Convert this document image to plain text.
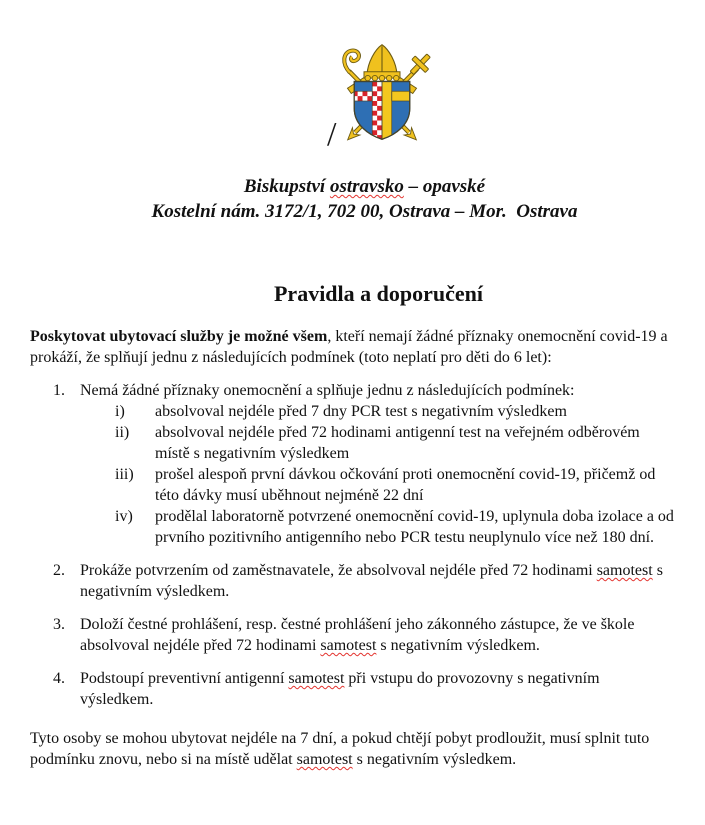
/
Biskupství ostravsko – opavské
Kostelní nám. 3172/1, 702 00, Ostrava – Mor.  Ostrava
Pravidla a doporučení

Poskytovat ubytovací služby je možné všem, kteří nemají žádné příznaky onemocnění covid-19 a prokáží, že splňují jednu z následujících podmínek (toto neplatí pro děti do 6 let):

1. Nemá žádné příznaky onemocnění a splňuje jednu z následujících podmínek:
i)	absolvoval nejdéle před 7 dny PCR test s negativním výsledkem
ii)	absolvoval nejdéle před 72 hodinami antigenní test na veřejném odběrovém místě s negativním výsledkem
iii)	prošel alespoň první dávkou očkování proti onemocnění covid-19, přičemž od této dávky musí uběhnout nejméně 22 dní
iv)	prodělal laboratorně potvrzené onemocnění covid-19, uplynula doba izolace a od prvního pozitivního antigenního nebo PCR testu neuplynulo více než 180 dní.
2. Prokáže potvrzením od zaměstnavatele, že absolvoval nejdéle před 72 hodinami samotest s negativním výsledkem.
3. Doloží čestné prohlášení, resp. čestné prohlášení jeho zákonného zástupce, že ve škole absolvoval nejdéle před 72 hodinami samotest s negativním výsledkem.
4. Podstoupí preventivní antigenní samotest při vstupu do provozovny s negativním výsledkem.

Tyto osoby se mohou ubytovat nejdéle na 7 dní, a pokud chtějí pobyt prodloužit, musí splnit tuto podmínku znovu, nebo si na místě udělat samotest s negativním výsledkem.
